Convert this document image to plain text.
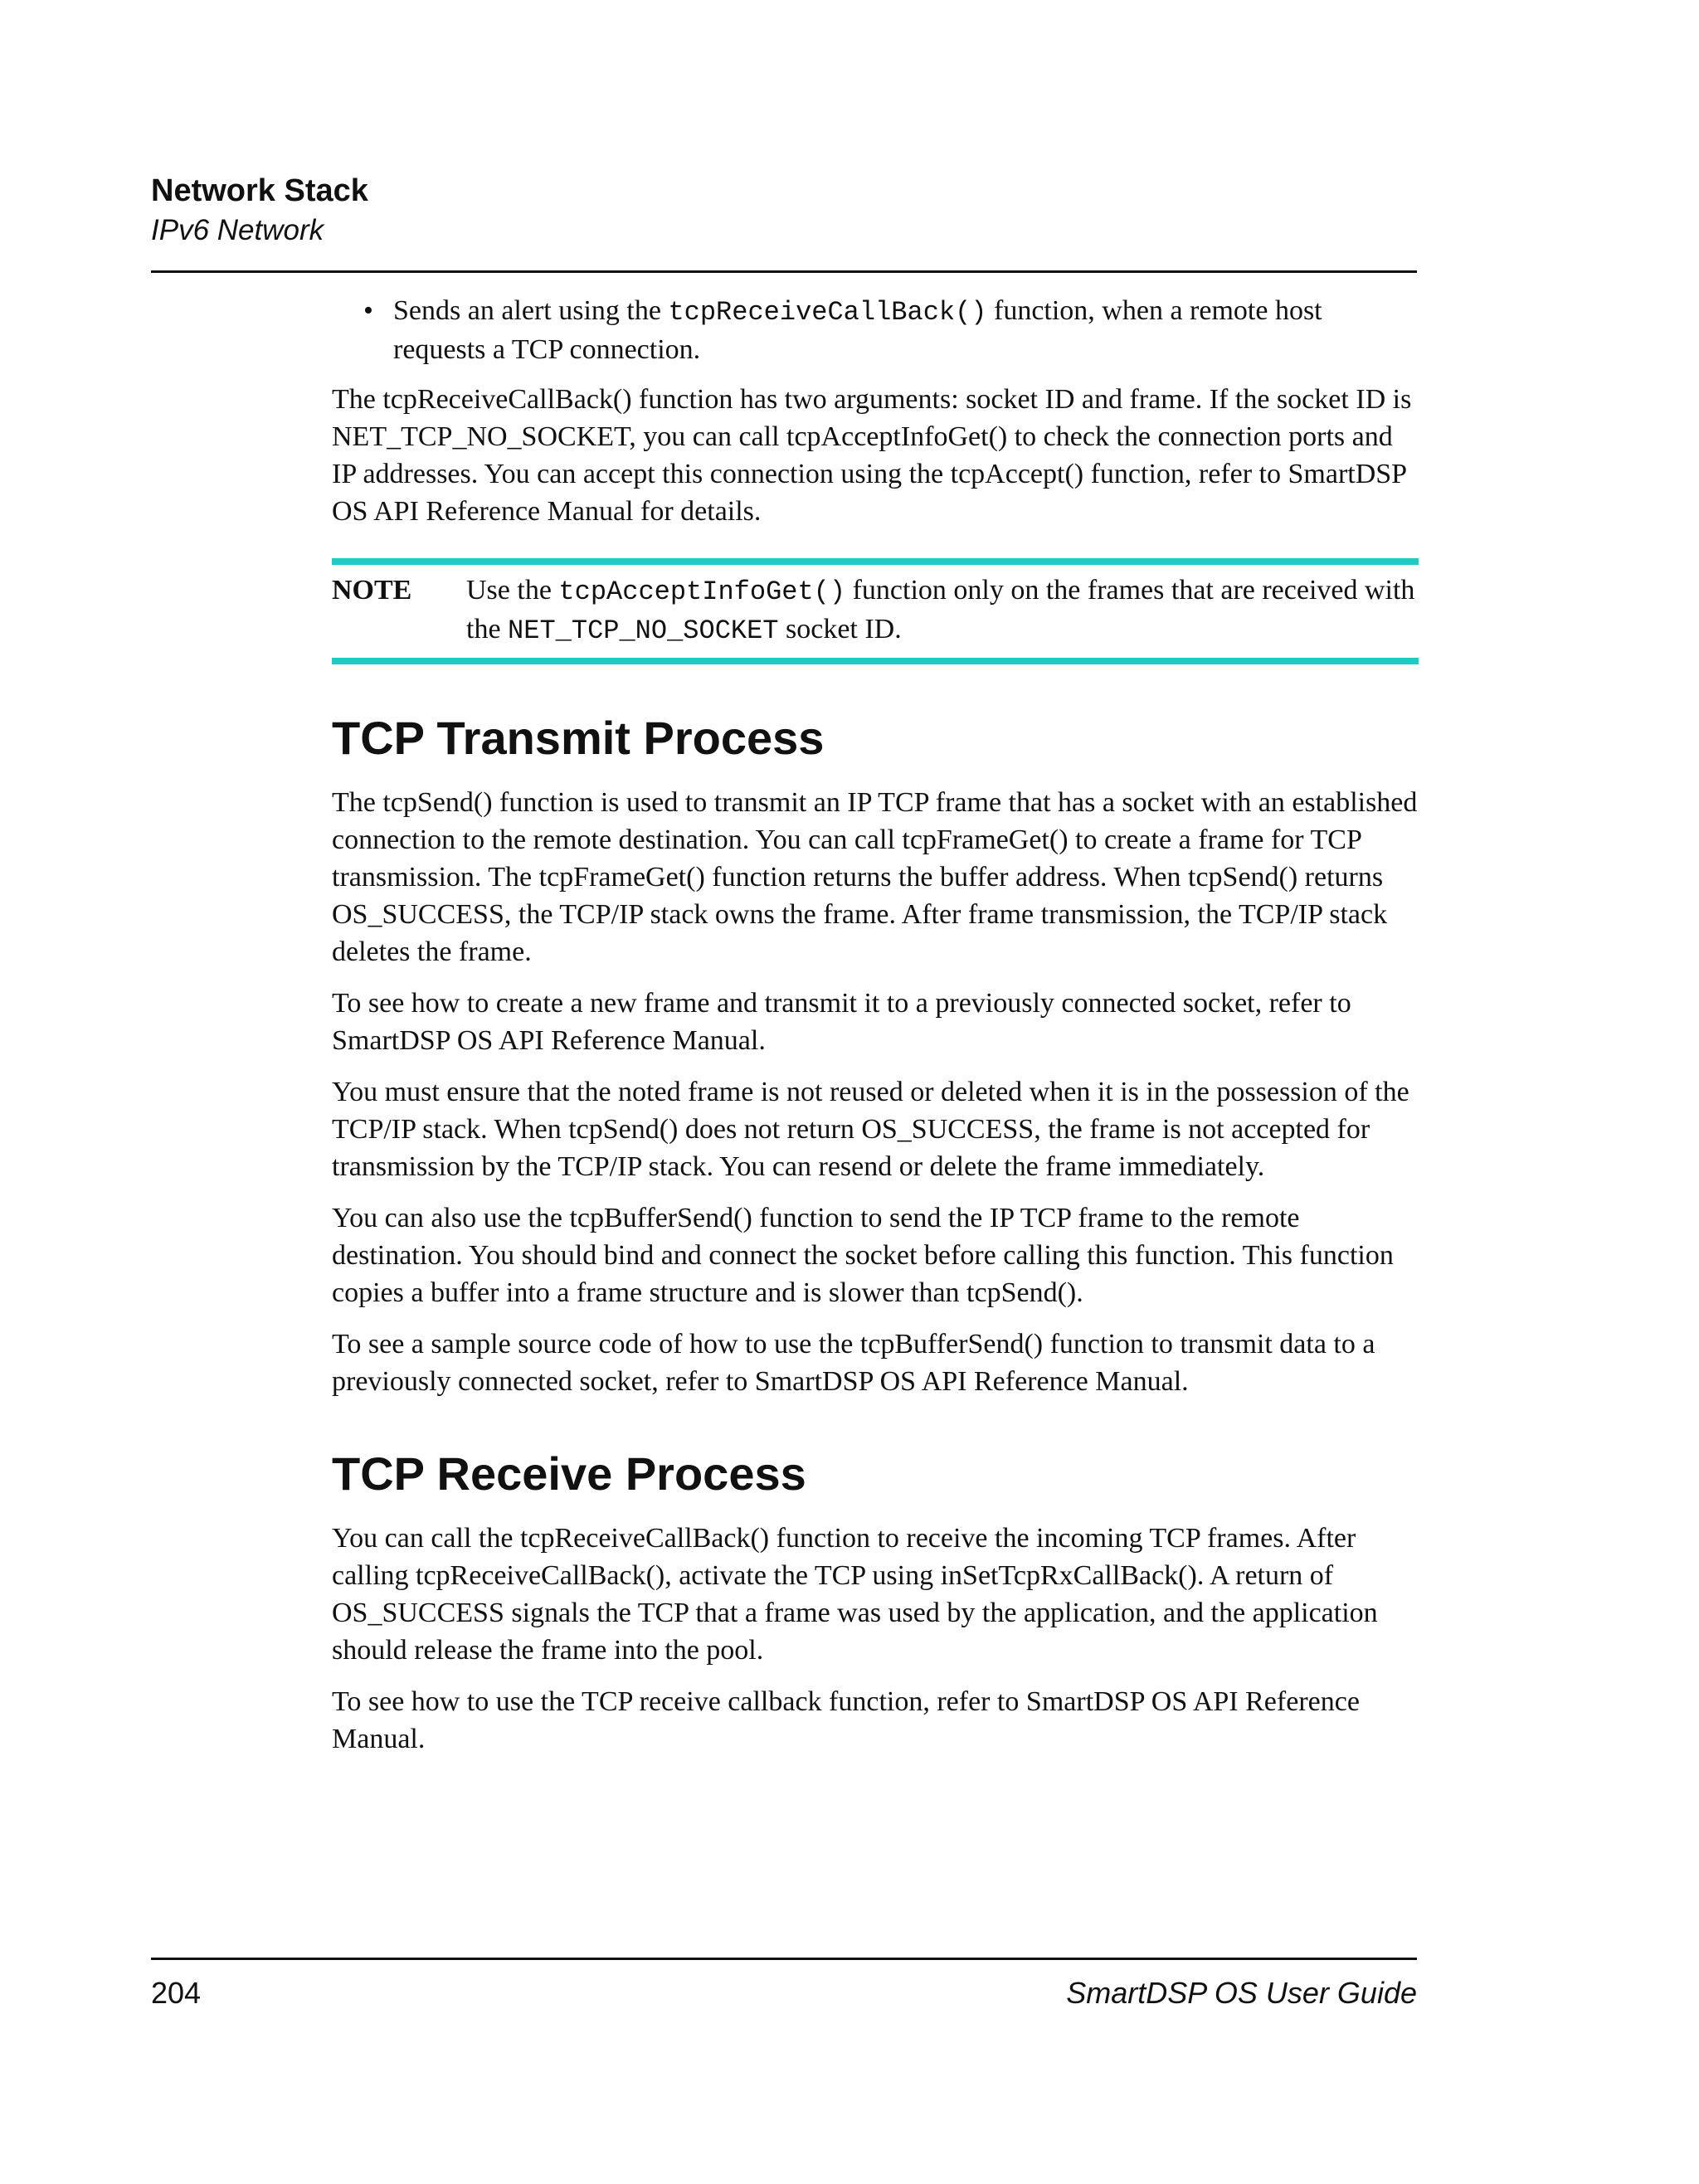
Network Stack
IPv6 Network
• Sends an alert using the tcpReceiveCallBack() function, when a remote host requests a TCP connection.

The tcpReceiveCallBack() function has two arguments: socket ID and frame. If the socket ID is NET_TCP_NO_SOCKET, you can call tcpAcceptInfoGet() to check the connection ports and IP addresses. You can accept this connection using the tcpAccept() function, refer to SmartDSP OS API Reference Manual for details.

NOTE	Use the tcpAcceptInfoGet() function only on the frames that are received with the NET_TCP_NO_SOCKET socket ID.
TCP Transmit Process

The tcpSend() function is used to transmit an IP TCP frame that has a socket with an established connection to the remote destination. You can call tcpFrameGet() to create a frame for TCP transmission. The tcpFrameGet() function returns the buffer address. When tcpSend() returns OS_SUCCESS, the TCP/IP stack owns the frame. After frame transmission, the TCP/IP stack deletes the frame.

To see how to create a new frame and transmit it to a previously connected socket, refer to SmartDSP OS API Reference Manual.

You must ensure that the noted frame is not reused or deleted when it is in the possession of the TCP/IP stack. When tcpSend() does not return OS_SUCCESS, the frame is not accepted for transmission by the TCP/IP stack. You can resend or delete the frame immediately.

You can also use the tcpBufferSend() function to send the IP TCP frame to the remote destination. You should bind and connect the socket before calling this function. This function copies a buffer into a frame structure and is slower than tcpSend().

To see a sample source code of how to use the tcpBufferSend() function to transmit data to a previously connected socket, refer to SmartDSP OS API Reference Manual.

TCP Receive Process

You can call the tcpReceiveCallBack() function to receive the incoming TCP frames. After calling tcpReceiveCallBack(), activate the TCP using inSetTcpRxCallBack(). A return of OS_SUCCESS signals the TCP that a frame was used by the application, and the application should release the frame into the pool.

To see how to use the TCP receive callback function, refer to SmartDSP OS API Reference Manual.

204	SmartDSP OS User Guide
